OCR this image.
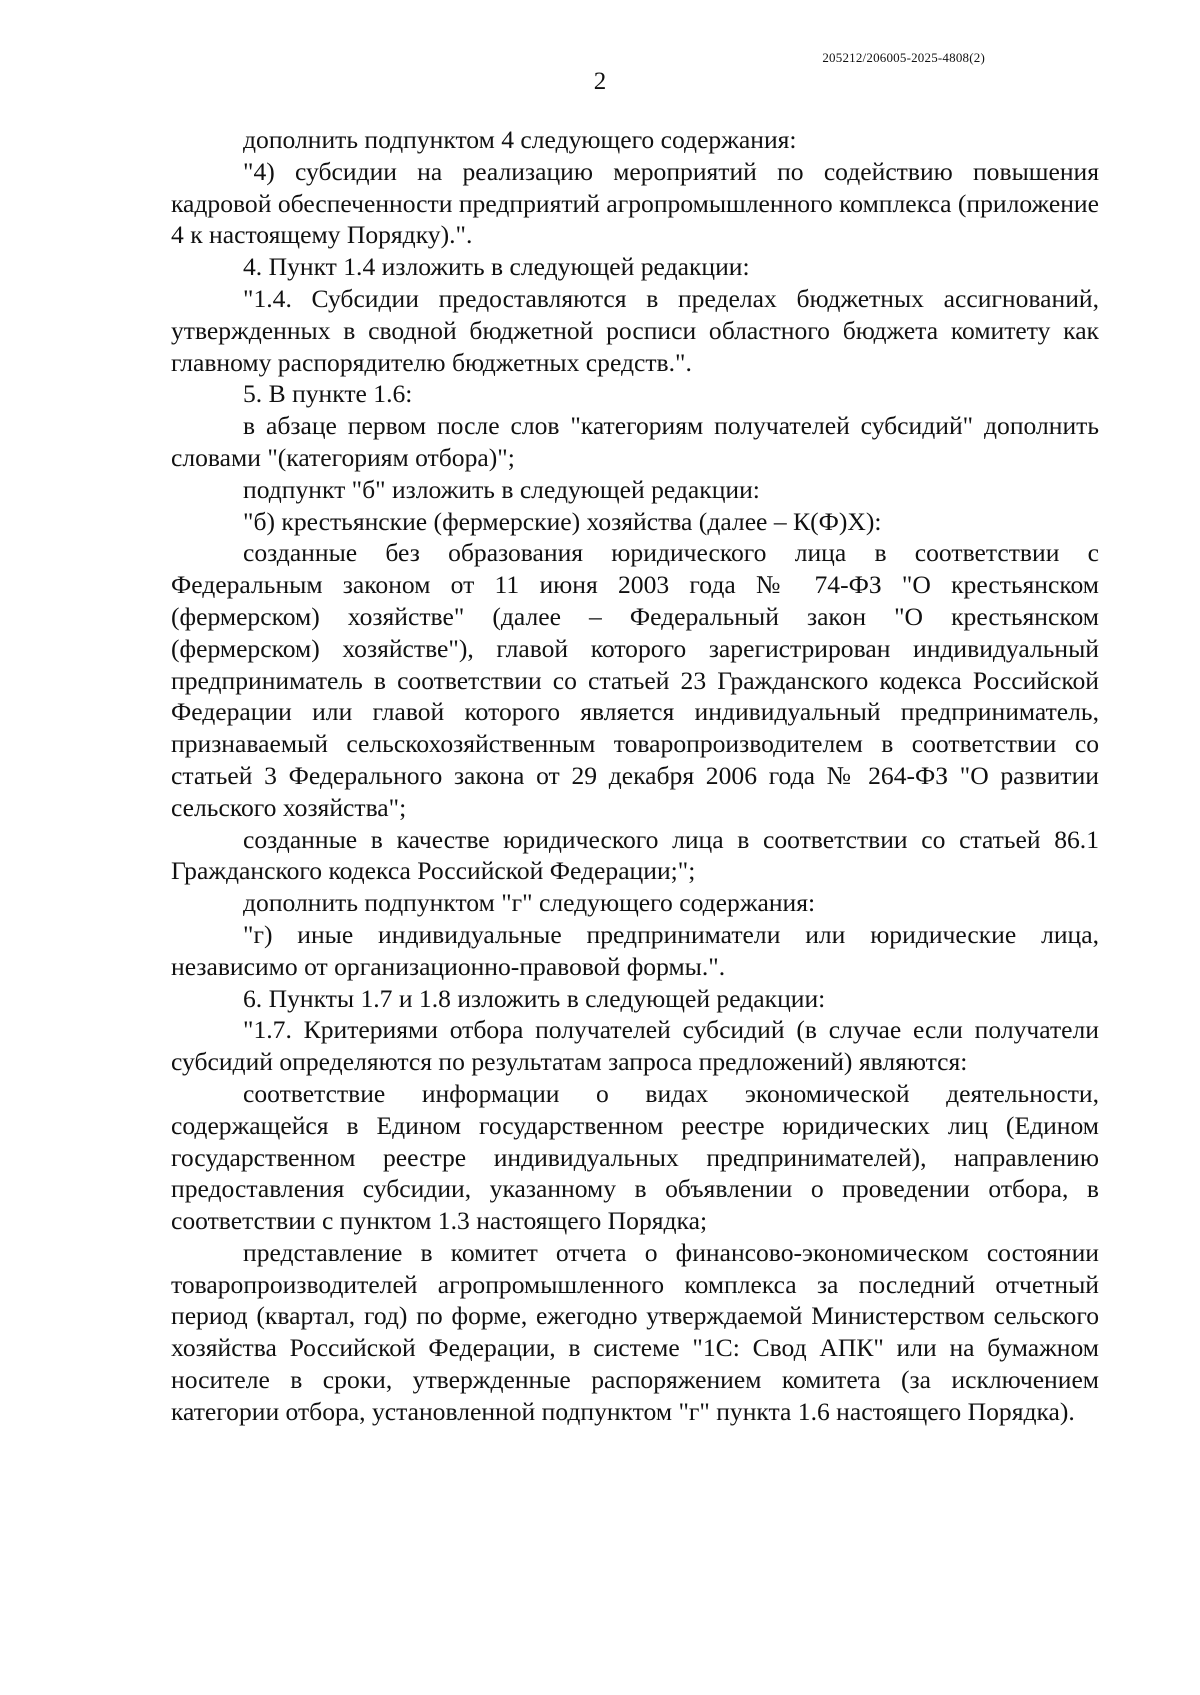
205212/206005-2025-4808(2)
2

дополнить подпунктом 4 следующего содержания:

"4) субсидии на реализацию мероприятий по содействию повышения кадровой обеспеченности предприятий агропромышленного комплекса (приложение 4 к настоящему Порядку).".

4. Пункт 1.4 изложить в следующей редакции:

"1.4. Субсидии предоставляются в пределах бюджетных ассигнований, утвержденных в сводной бюджетной росписи областного бюджета комитету как главному распорядителю бюджетных средств.".

5. В пункте 1.6:

в абзаце первом после слов "категориям получателей субсидий" дополнить словами "(категориям отбора)";

подпункт "б" изложить в следующей редакции:

"б) крестьянские (фермерские) хозяйства (далее – К(Ф)Х):

созданные без образования юридического лица в соответствии с Федеральным законом от 11 июня 2003 года № 74-ФЗ "О крестьянском (фермерском) хозяйстве" (далее – Федеральный закон "О крестьянском (фермерском) хозяйстве"), главой которого зарегистрирован индивидуальный предприниматель в соответствии со статьей 23 Гражданского кодекса Российской Федерации или главой которого является индивидуальный предприниматель, признаваемый сельскохозяйственным товаропроизводителем в соответствии со статьей 3 Федерального закона от 29 декабря 2006 года № 264-ФЗ "О развитии сельского хозяйства";

созданные в качестве юридического лица в соответствии со статьей 86.1 Гражданского кодекса Российской Федерации;";

дополнить подпунктом "г" следующего содержания:

"г) иные индивидуальные предприниматели или юридические лица, независимо от организационно-правовой формы.".

6. Пункты 1.7 и 1.8 изложить в следующей редакции:

"1.7. Критериями отбора получателей субсидий (в случае если получатели субсидий определяются по результатам запроса предложений) являются:

соответствие информации о видах экономической деятельности, содержащейся в Едином государственном реестре юридических лиц (Едином государственном реестре индивидуальных предпринимателей), направлению предоставления субсидии, указанному в объявлении о проведении отбора, в соответствии с пунктом 1.3 настоящего Порядка;

представление в комитет отчета о финансово-экономическом состоянии товаропроизводителей агропромышленного комплекса за последний отчетный период (квартал, год) по форме, ежегодно утверждаемой Министерством сельского хозяйства Российской Федерации, в системе "1С: Свод АПК" или на бумажном носителе в сроки, утвержденные распоряжением комитета (за исключением категории отбора, установленной подпунктом "г" пункта 1.6 настоящего Порядка).
